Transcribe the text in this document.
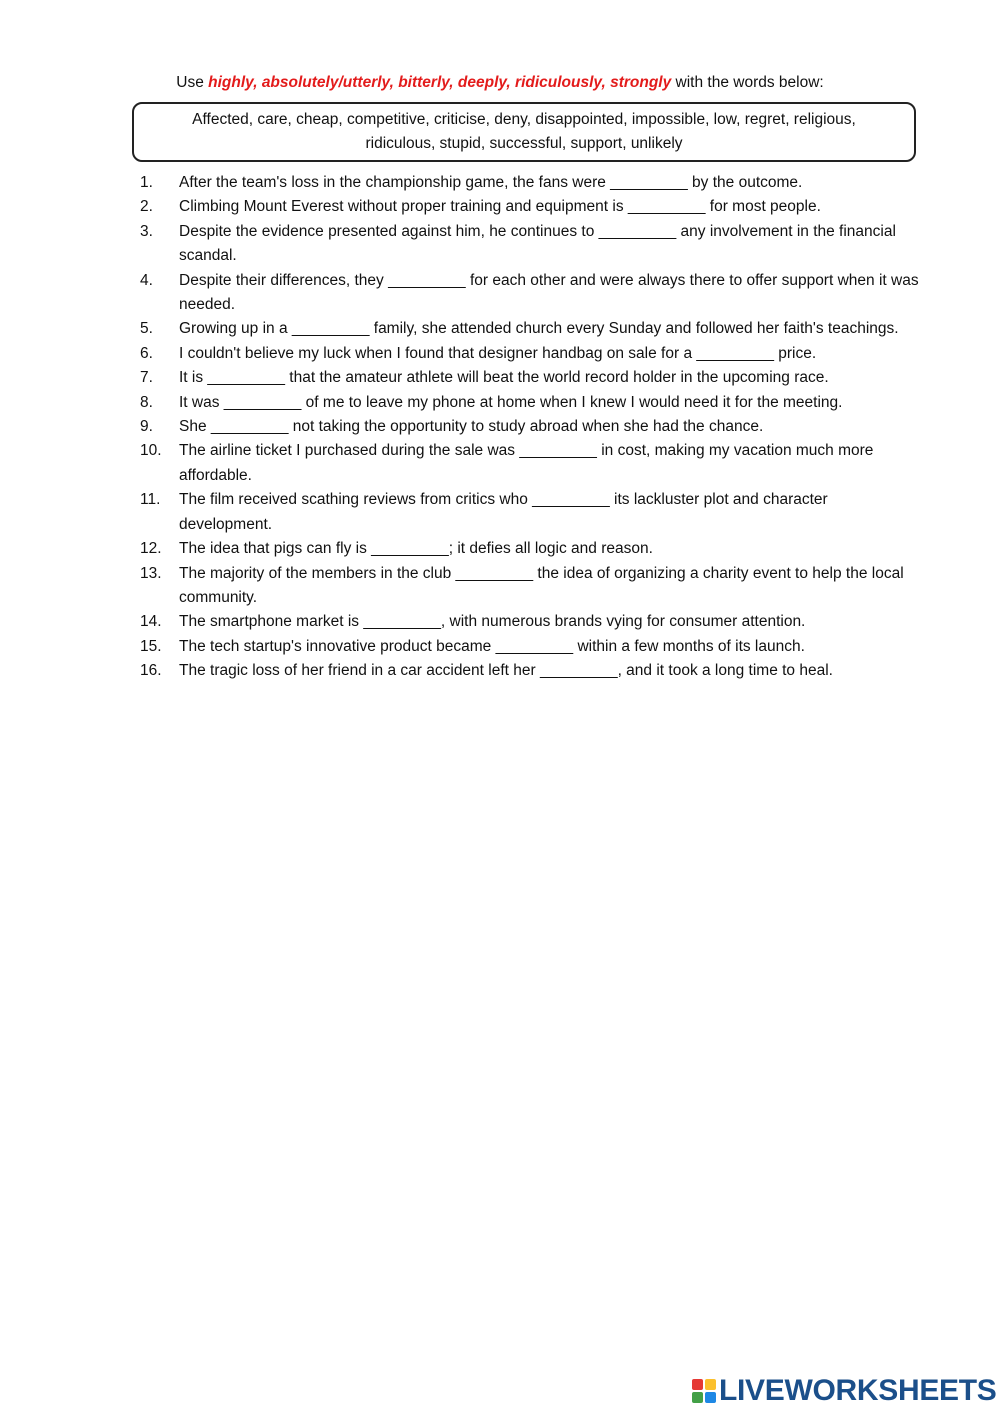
Use highly, absolutely/utterly, bitterly, deeply, ridiculously, strongly with the words below:
Affected, care, cheap, competitive, criticise, deny, disappointed, impossible, low, regret, religious,
ridiculous, stupid, successful, support, unlikely
1.	After the team's loss in the championship game, the fans were _________ by the outcome.
2.	Climbing Mount Everest without proper training and equipment is _________ for most people.
3.	Despite the evidence presented against him, he continues to _________ any involvement in the financial scandal.
4.	Despite their differences, they _________ for each other and were always there to offer support when it was needed.
5.	Growing up in a _________ family, she attended church every Sunday and followed her faith's teachings.
6.	I couldn't believe my luck when I found that designer handbag on sale for a _________ price.
7.	It is _________ that the amateur athlete will beat the world record holder in the upcoming race.
8.	It was _________ of me to leave my phone at home when I knew I would need it for the meeting.
9.	She _________ not taking the opportunity to study abroad when she had the chance.
10.	The airline ticket I purchased during the sale was _________ in cost, making my vacation much more affordable.
11.	The film received scathing reviews from critics who _________ its lackluster plot and character development.
12.	The idea that pigs can fly is _________; it defies all logic and reason.
13.	The majority of the members in the club _________ the idea of organizing a charity event to help the local community.
14.	The smartphone market is _________, with numerous brands vying for consumer attention.
15.	The tech startup's innovative product became _________ within a few months of its launch.
16.	The tragic loss of her friend in a car accident left her _________, and it took a long time to heal.
LIVEWORKSHEETS
